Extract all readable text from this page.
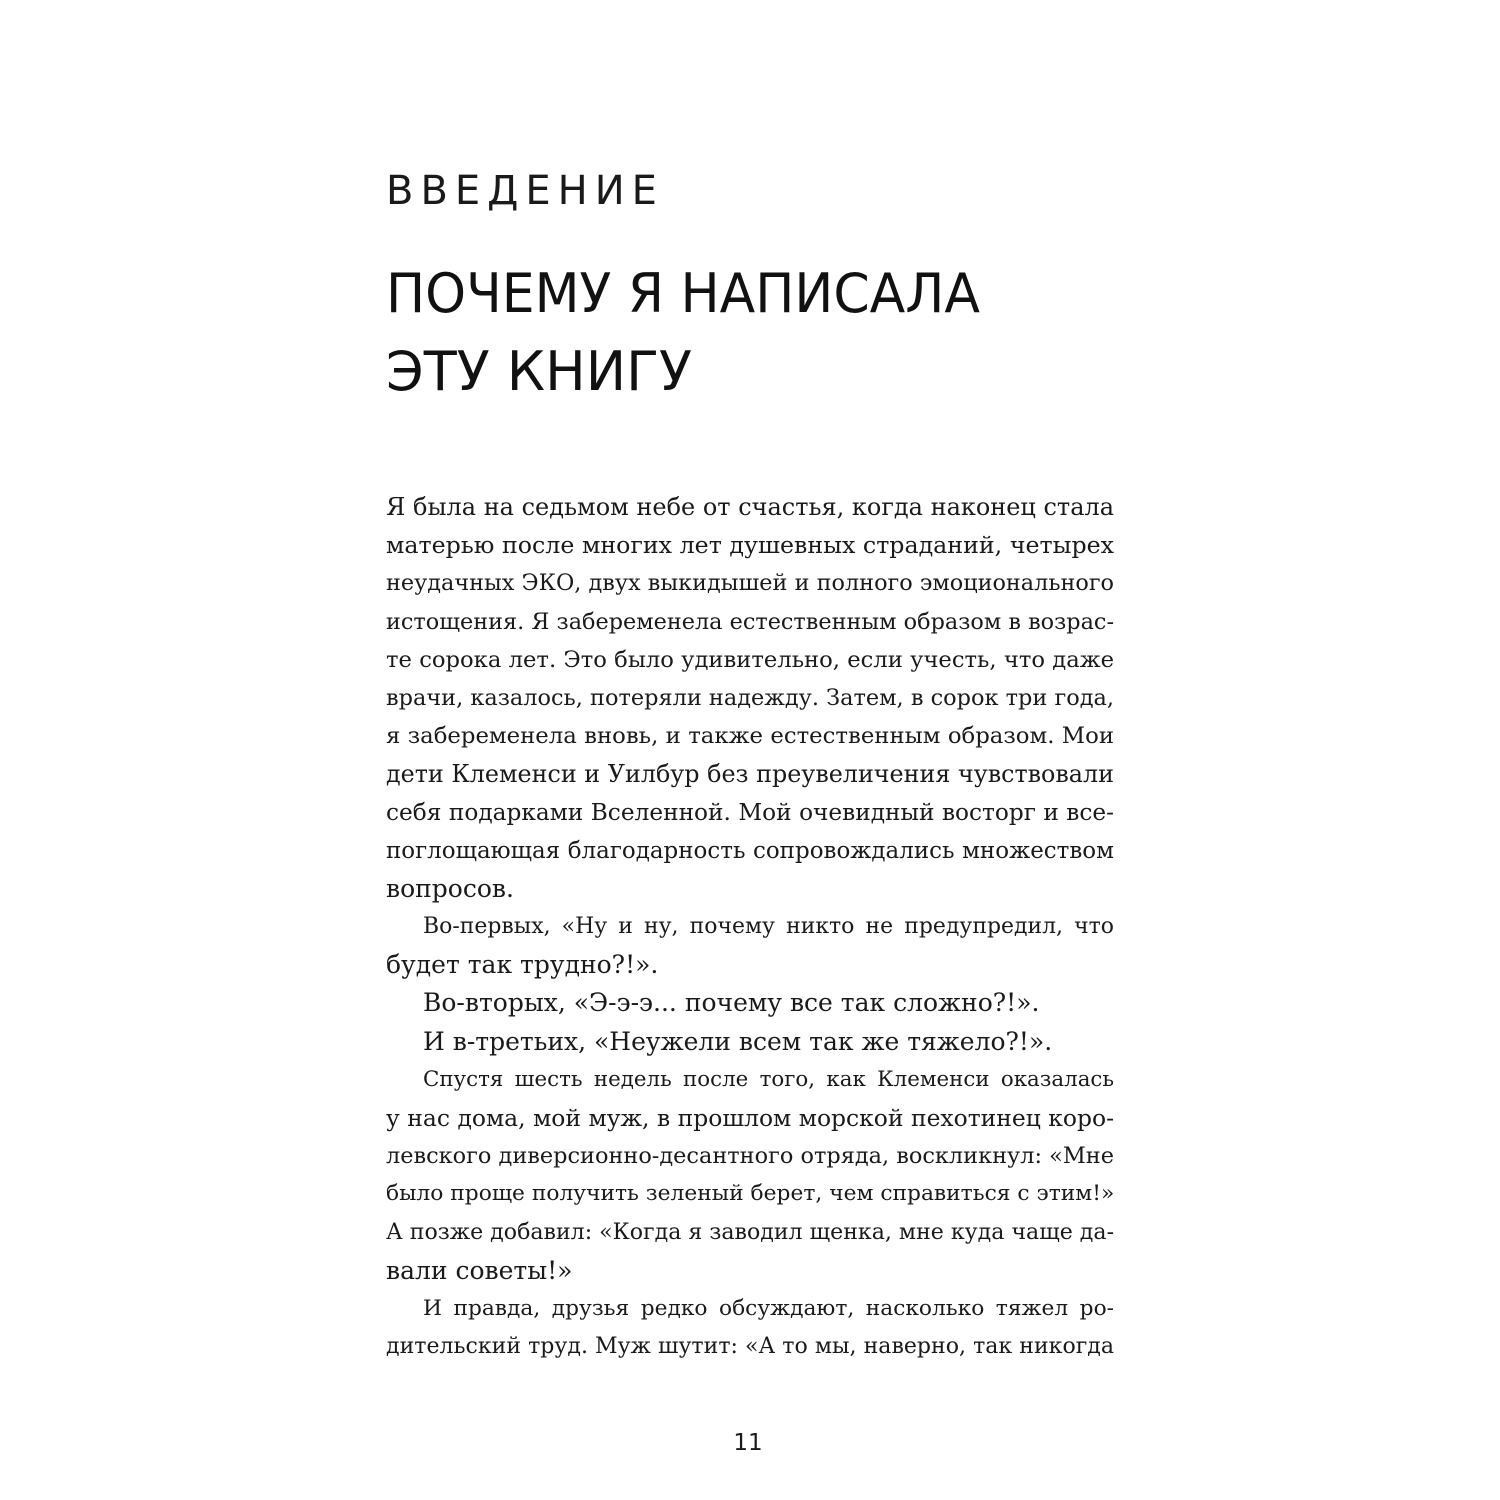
ВВЕДЕНИЕ
ПОЧЕМУ Я НАПИСАЛА
ЭТУ КНИГУ
Я была на седьмом небе от счастья, когда наконец стала
матерью после многих лет душевных страданий, четырех
неудачных ЭКО, двух выкидышей и полного эмоционального
истощения. Я забеременела естественным образом в возрас-
те сорока лет. Это было удивительно, если учесть, что даже
врачи, казалось, потеряли надежду. Затем, в сорок три года,
я забеременела вновь, и также естественным образом. Мои
дети Клеменси и Уилбур без преувеличения чувствовали
себя подарками Вселенной. Мой очевидный восторг и все-
поглощающая благодарность сопровождались множеством
вопросов.
Во-первых, «Ну и ну, почему никто не предупредил, что
будет так трудно?!».
Во-вторых, «Э-э-э... почему все так сложно?!».
И в-третьих, «Неужели всем так же тяжело?!».
Спустя шесть недель после того, как Клеменси оказалась
у нас дома, мой муж, в прошлом морской пехотинец коро-
левского диверсионно-десантного отряда, воскликнул: «Мне
было проще получить зеленый берет, чем справиться с этим!»
А позже добавил: «Когда я заводил щенка, мне куда чаще да-
вали советы!»
И правда, друзья редко обсуждают, насколько тяжел ро-
дительский труд. Муж шутит: «А то мы, наверно, так никогда
11
